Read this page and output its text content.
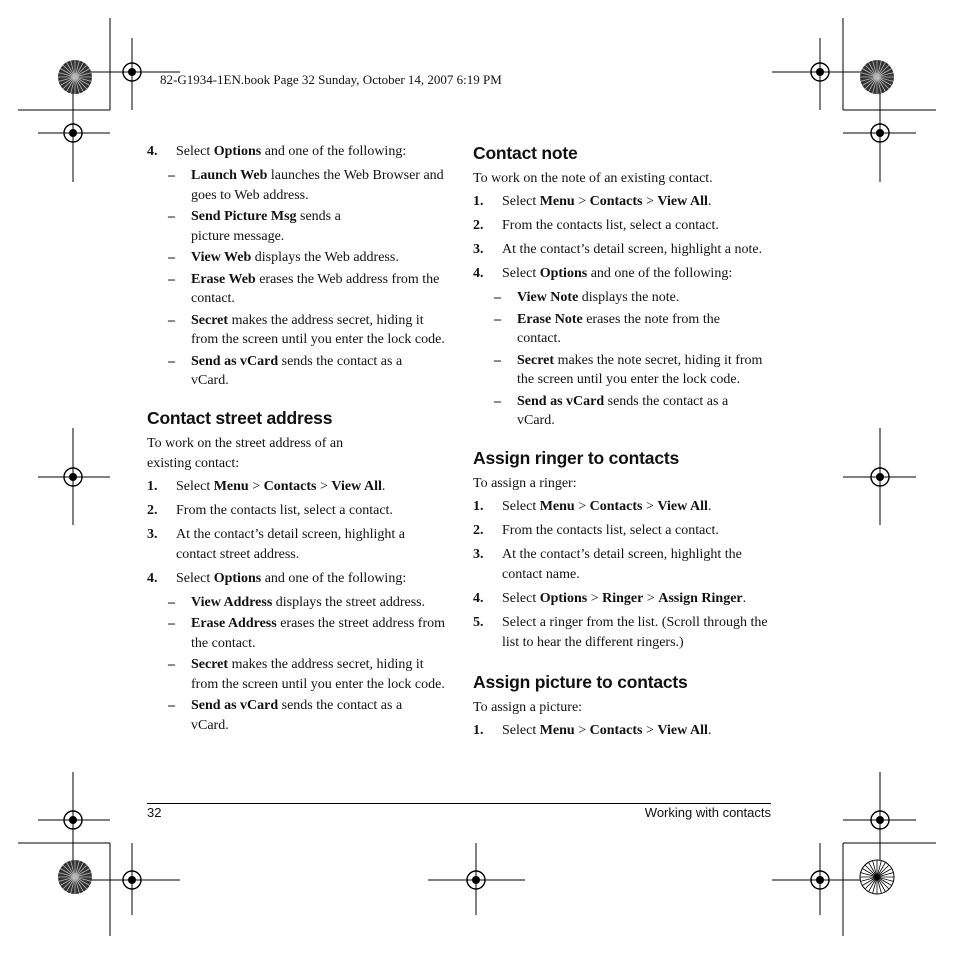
82-G1934-1EN.book Page 32 Sunday, October 14, 2007 6:19 PM
4. Select Options and one of the following:
– Launch Web launches the Web Browser and goes to Web address.
– Send Picture Msg sends a picture message.
– View Web displays the Web address.
– Erase Web erases the Web address from the contact.
– Secret makes the address secret, hiding it from the screen until you enter the lock code.
– Send as vCard sends the contact as a vCard.
Contact street address

To work on the street address of an existing contact:

1. Select Menu > Contacts > View All.
2. From the contacts list, select a contact.
3. At the contact’s detail screen, highlight a contact street address.
4. Select Options and one of the following:
– View Address displays the street address.
– Erase Address erases the street address from the contact.
– Secret makes the address secret, hiding it from the screen until you enter the lock code.
– Send as vCard sends the contact as a vCard.
Contact note

To work on the note of an existing contact.

1. Select Menu > Contacts > View All.
2. From the contacts list, select a contact.
3. At the contact’s detail screen, highlight a note.
4. Select Options and one of the following:
– View Note displays the note.
– Erase Note erases the note from the contact.
– Secret makes the note secret, hiding it from the screen until you enter the lock code.
– Send as vCard sends the contact as a vCard.
Assign ringer to contacts

To assign a ringer:

1. Select Menu > Contacts > View All.
2. From the contacts list, select a contact.
3. At the contact’s detail screen, highlight the contact name.
4. Select Options > Ringer > Assign Ringer.
5. Select a ringer from the list. (Scroll through the list to hear the different ringers.)
Assign picture to contacts

To assign a picture:

1. Select Menu > Contacts > View All.
32	Working with contacts
